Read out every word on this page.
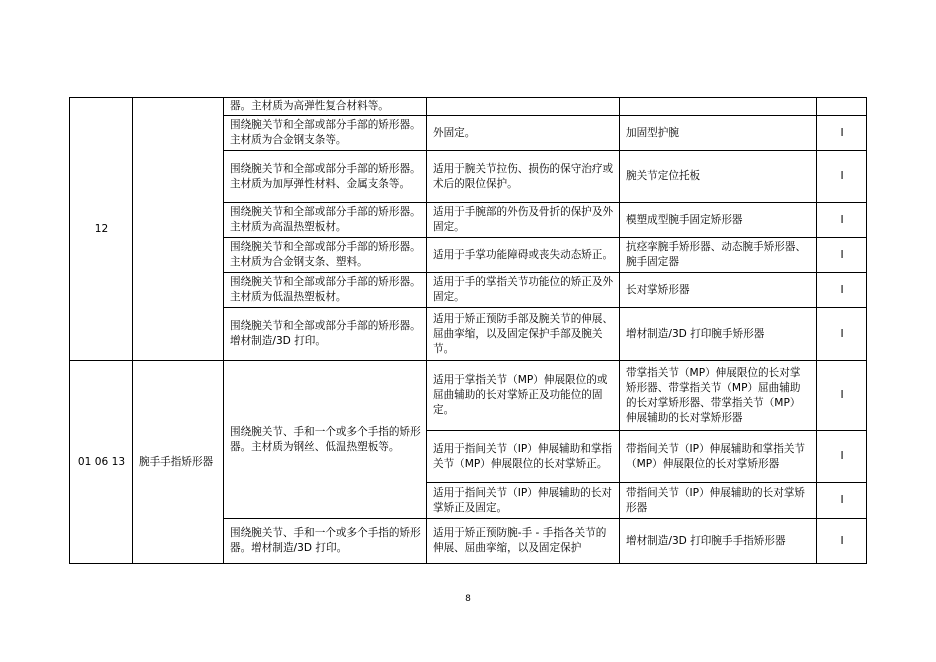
12		器。主材质为高弹性复合材料等。			
		围绕腕关节和全部或部分手部的矫形器。主材质为合金钢支条等。	外固定。	加固型护腕	I
		围绕腕关节和全部或部分手部的矫形器。主材质为加厚弹性材料、金属支条等。	适用于腕关节拉伤、损伤的保守治疗或术后的限位保护。	腕关节定位托板	I
		围绕腕关节和全部或部分手部的矫形器。主材质为高温热塑板材。	适用于手腕部的外伤及骨折的保护及外固定。	模塑成型腕手固定矫形器	I
		围绕腕关节和全部或部分手部的矫形器。主材质为合金钢支条、塑料。	适用于手掌功能障碍或丧失动态矫正。	抗痉挛腕手矫形器、动态腕手矫形器、腕手固定器	I
		围绕腕关节和全部或部分手部的矫形器。主材质为低温热塑板材。	适用于手的掌指关节功能位的矫正及外固定。	长对掌矫形器	I
		围绕腕关节和全部或部分手部的矫形器。增材制造/3D 打印。	适用于矫正预防手部及腕关节的伸展、屈曲挛缩，以及固定保护手部及腕关节。	增材制造/3D 打印腕手矫形器	I
01 06 13	腕手手指矫形器	围绕腕关节、手和一个或多个手指的矫形器。主材质为钢丝、低温热塑板等。	适用于掌指关节（MP）伸展限位的或屈曲辅助的长对掌矫正及功能位的固定。	带掌指关节（MP）伸展限位的长对掌矫形器、带掌指关节（MP）屈曲辅助的长对掌矫形器、带掌指关节（MP）伸展辅助的长对掌矫形器	I
			适用于指间关节（IP）伸展辅助和掌指关节（MP）伸展限位的长对掌矫正。	带指间关节（IP）伸展辅助和掌指关节（MP）伸展限位的长对掌矫形器	I
			适用于指间关节（IP）伸展辅助的长对掌矫正及固定。	带指间关节（IP）伸展辅助的长对掌矫形器	I
		围绕腕关节、手和一个或多个手指的矫形器。增材制造/3D 打印。	适用于矫正预防腕-手 - 手指各关节的伸展、屈曲挛缩，以及固定保护	增材制造/3D 打印腕手手指矫形器	I
8
